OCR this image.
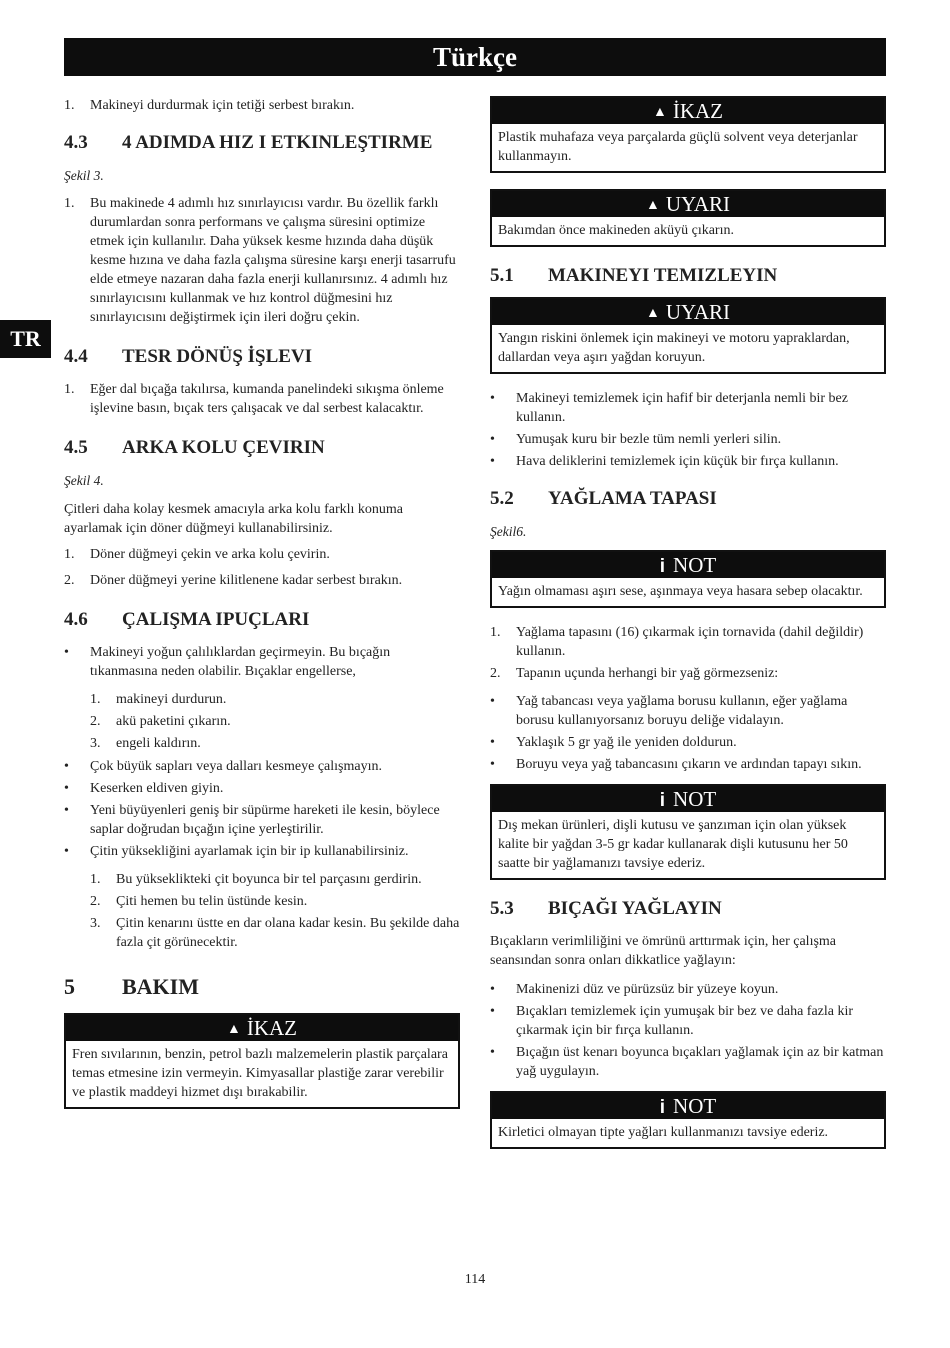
Türkçe
TR
1. Makineyi durdurmak için tetiği serbest bırakın.
4.3 4 ADIMDA HIZ I ETKINLEŞTIRME

Şekil 3.

1. Bu makinede 4 adımlı hız sınırlayıcısı vardır. Bu özellik farklı durumlardan sonra performans ve çalışma süresini optimize etmek için kullanılır. Daha yüksek kesme hızında daha düşük kesme hızına ve daha fazla çalışma süresine karşı enerji tasarrufu elde etmeye nazaran daha fazla enerji kullanırsınız. 4 adımlı hız sınırlayıcısını kullanmak ve hız kontrol düğmesini hız sınırlayıcısını değiştirmek için ileri doğru çekin.
4.4 TESR DÖNÜŞ İŞLEVI
1. Eğer dal bıçağa takılırsa, kumanda panelindeki sıkışma önleme işlevine basın, bıçak ters çalışacak ve dal serbest kalacaktır.
4.5 ARKA KOLU ÇEVIRIN

Şekil 4.

Çitleri daha kolay kesmek amacıyla arka kolu farklı konuma ayarlamak için döner düğmeyi kullanabilirsiniz.

1. Döner düğmeyi çekin ve arka kolu çevirin.
2. Döner düğmeyi yerine kilitlenene kadar serbest bırakın.
4.6 ÇALIŞMA IPUÇLARI
• Makineyi yoğun çalılıklardan geçirmeyin. Bu bıçağın tıkanmasına neden olabilir. Bıçaklar engellerse,
1. makineyi durdurun.
2. akü paketini çıkarın.
3. engeli kaldırın.
• Çok büyük sapları veya dalları kesmeye çalışmayın.
• Keserken eldiven giyin.
• Yeni büyüyenleri geniş bir süpürme hareketi ile kesin, böylece saplar doğrudan bıçağın içine yerleştirilir.
• Çitin yüksekliğini ayarlamak için bir ip kullanabilirsiniz.
1. Bu yükseklikteki çit boyunca bir tel parçasını gerdirin.
2. Çiti hemen bu telin üstünde kesin.
3. Çitin kenarını üstte en dar olana kadar kesin. Bu şekilde daha fazla çit görünecektir.
5 BAKIM
▲ İKAZ
Fren sıvılarının, benzin, petrol bazlı malzemelerin plastik parçalara temas etmesine izin vermeyin. Kimyasallar plastiğe zarar verebilir ve plastik maddeyi hizmet dışı bırakabilir.
▲ İKAZ
Plastik muhafaza veya parçalarda güçlü solvent veya deterjanlar kullanmayın.
▲ UYARI
Bakımdan önce makineden aküyü çıkarın.
5.1 MAKINEYI TEMIZLEYIN
▲ UYARI
Yangın riskini önlemek için makineyi ve motoru yapraklardan, dallardan veya aşırı yağdan koruyun.
• Makineyi temizlemek için hafif bir deterjanla nemli bir bez kullanın.
• Yumuşak kuru bir bezle tüm nemli yerleri silin.
• Hava deliklerini temizlemek için küçük bir fırça kullanın.
5.2 YAĞLAMA TAPASI

Şekil6.

i NOT
Yağın olmaması aşırı sese, aşınmaya veya hasara sebep olacaktır.
1. Yağlama tapasını (16) çıkarmak için tornavida (dahil değildir) kullanın.
2. Tapanın uçunda herhangi bir yağ görmezseniz:
• Yağ tabancası veya yağlama borusu kullanın, eğer yağlama borusu kullanıyorsanız boruyu deliğe vidalayın.
• Yaklaşık 5 gr yağ ile yeniden doldurun.
• Boruyu veya yağ tabancasını çıkarın ve ardından tapayı sıkın.
i NOT
Dış mekan ürünleri, dişli kutusu ve şanzıman için olan yüksek kalite bir yağdan 3-5 gr kadar kullanarak dişli kutusunu her 50 saatte bir yağlamanızı tavsiye ederiz.
5.3 BIÇAĞI YAĞLAYIN

Bıçakların verimliliğini ve ömrünü arttırmak için, her çalışma seansından sonra onları dikkatlice yağlayın:

• Makinenizi düz ve pürüzsüz bir yüzeye koyun.
• Bıçakları temizlemek için yumuşak bir bez ve daha fazla kir çıkarmak için bir fırça kullanın.
• Bıçağın üst kenarı boyunca bıçakları yağlamak için az bir katman yağ uygulayın.
i NOT
Kirletici olmayan tipte yağları kullanmanızı tavsiye ederiz.
114
